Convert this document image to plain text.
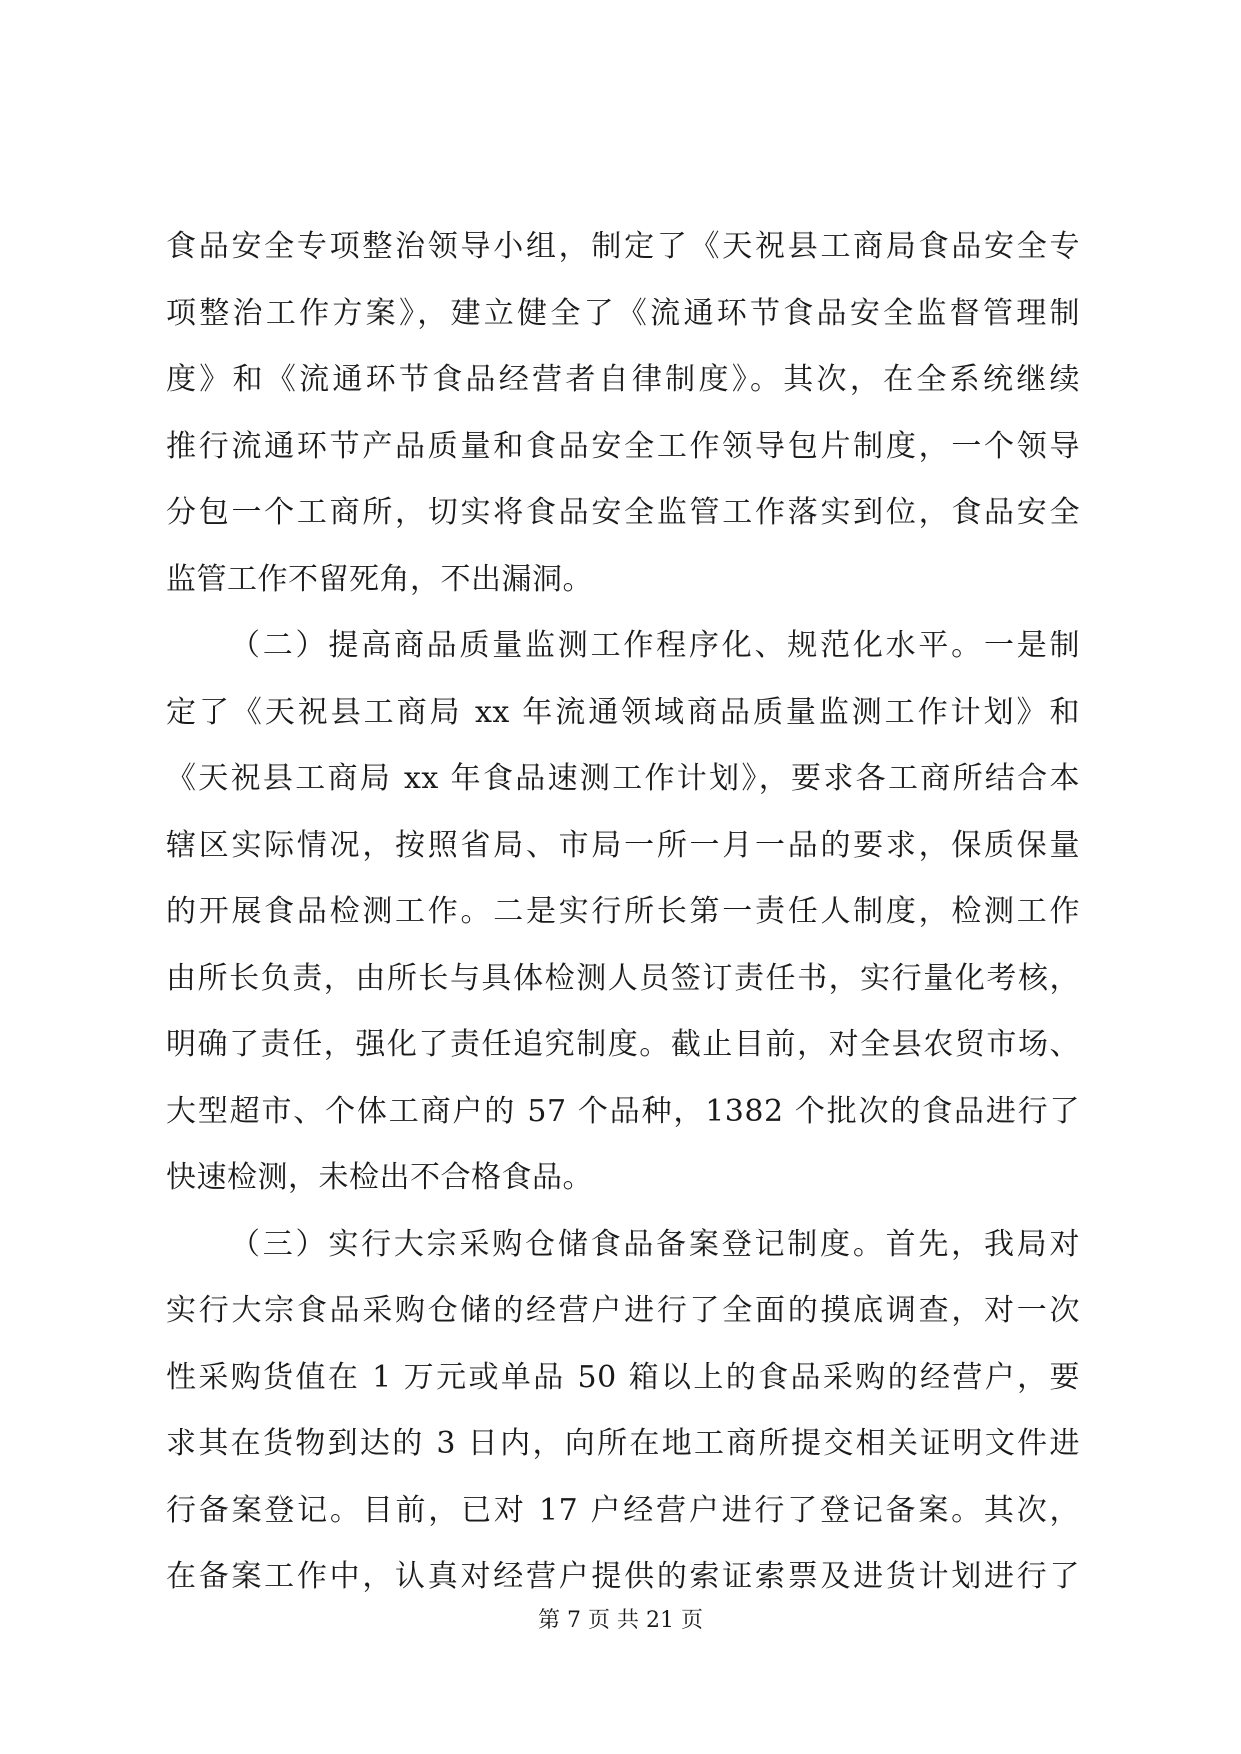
食品安全专项整治领导小组，制定了《天祝县工商局食品安全专
项整治工作方案》，建立健全了《流通环节食品安全监督管理制
度》和《流通环节食品经营者自律制度》。其次，在全系统继续
推行流通环节产品质量和食品安全工作领导包片制度，一个领导
分包一个工商所，切实将食品安全监管工作落实到位，食品安全
监管工作不留死角，不出漏洞。
（二）提高商品质量监测工作程序化、规范化水平。一是制
定了《天祝县工商局 xx 年流通领域商品质量监测工作计划》和
《天祝县工商局 xx 年食品速测工作计划》，要求各工商所结合本
辖区实际情况，按照省局、市局一所一月一品的要求，保质保量
的开展食品检测工作。二是实行所长第一责任人制度，检测工作
由所长负责，由所长与具体检测人员签订责任书，实行量化考核，
明确了责任，强化了责任追究制度。截止目前，对全县农贸市场、
大型超市、个体工商户的 57 个品种，1382 个批次的食品进行了
快速检测，未检出不合格食品。
（三）实行大宗采购仓储食品备案登记制度。首先，我局对
实行大宗食品采购仓储的经营户进行了全面的摸底调查，对一次
性采购货值在 1 万元或单品 50 箱以上的食品采购的经营户，要
求其在货物到达的 3 日内，向所在地工商所提交相关证明文件进
行备案登记。目前，已对 17 户经营户进行了登记备案。其次，
在备案工作中，认真对经营户提供的索证索票及进货计划进行了
第 7 页 共 21 页
